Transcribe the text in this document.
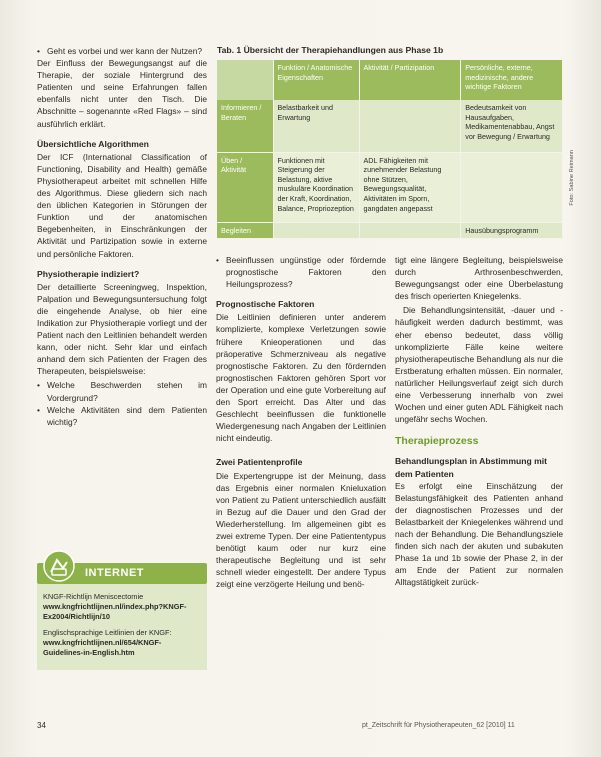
• Geht es vorbei und wer kann der Nutzen?

Der Einfluss der Bewegungsangst auf die Therapie, der soziale Hintergrund des Patienten und seine Erfahrungen fallen ebenfalls nicht unter den Tisch. Die Abschnitte – sogenannte «Red Flags» – sind ausführlich erklärt.

Übersichtliche Algorithmen

Der ICF (International Classification of Functioning, Disability and Health) gemäße Physiotherapeut arbeitet mit schnellen Hilfe des Algorithmus. Diese gliedern sich nach den üblichen Kategorien in Störungen der Funktion und der anatomischen Begebenheiten, in Einschränkungen der Aktivität und Partizipation sowie in externe und persönliche Faktoren.

Physiotherapie indiziert?

Der detaillierte Screeningweg, Inspektion, Palpation und Bewegungsuntersuchung folgt die eingehende Analyse, ob hier eine Indikation zur Physiotherapie vorliegt und der Patient nach den Leitlinien behandelt werden kann, oder nicht. Sehr klar und einfach anhand dem sich Patienten der Fragen des Therapeuten, beispielsweise:

• Welche Beschwerden stehen im Vordergrund?
• Welche Aktivitäten sind dem Patienten wichtig?
Tab. 1 Übersicht der Therapiehandlungen aus Phase 1b
	Funktion / Anatomische Eigenschaften	Aktivität / Partizipation	Persönliche, externe, medizinische, andere wichtige Faktoren
Informieren / Beraten	Belastbarkeit und Erwartung		Bedeutsamkeit von Hausaufgaben, Medikamentenabbau, Angst vor Bewegung / Erwartung
Üben / Aktivität	Funktionen mit Steigerung der Belastung, aktive muskuläre Koordination der Kraft, Koordination, Balance, Propriozeption	ADL Fähigkeiten mit zunehmender Belastung ohne Stützen, Bewegungsqualität, Aktivitäten im Sporn, gangdaten angepasst	
Begleiten			Hausübungsprogramm
Foto: Sabine Reimann
• Beeinflussen ungünstige oder fördernde prognostische Faktoren den Heilungsprozess?
Prognostische Faktoren

Die Leitlinien definieren unter anderem komplizierte, komplexe Verletzungen sowie frühere Knieoperationen und das präoperative Schmerzniveau als negative prognostische Faktoren. Zu den fördernden prognostischen Faktoren gehören Sport vor der Operation und eine gute Vorbereitung auf den Sport erreicht. Das Alter und das Geschlecht beeinflussen die funktionelle Wiedergenesung nach Angaben der Leitlinien nicht eindeutig.

Zwei Patientenprofile

Die Expertengruppe ist der Meinung, dass das Ergebnis einer normalen Knieluxation von Patient zu Patient unterschiedlich ausfällt in Bezug auf die Dauer und den Grad der Wiederherstellung. Im allgemeinen gibt es zwei extreme Typen. Der eine Patiententypus benötigt kaum oder nur kurz eine therapeutische Begleitung und ist sehr schnell wieder eingestellt. Der andere Typus zeigt eine verzögerte Heilung und benö-

tigt eine längere Begleitung, beispielsweise durch Arthrosenbeschwerden, Bewegungsangst oder eine Überbelastung des frisch operierten Kniegelenks.

Die Behandlungsintensität, -dauer und -häufigkeit werden dadurch bestimmt, was eher ebenso bedeutet, dass völlig unkomplizierte Fälle keine weitere physiotherapeutische Behandlung als nur die Erstberatung erhalten müssen. Ein normaler, natürlicher Heilungsverlauf zeigt sich durch eine Verbesserung innerhalb von zwei Wochen und einer guten ADL Fähigkeit nach ungefähr sechs Wochen.

Therapieprozess
Behandlungsplan in Abstimmung mit dem Patienten

Es erfolgt eine Einschätzung der Belastungsfähigkeit des Patienten anhand der diagnostischen Prozesses und der Belastbarkeit der Kniegelenkes während und nach der Behandlung. Die Behandlungsziele finden sich nach der akuten und subakuten Phase 1a und 1b sowie der Phase 2, in der am Ende der Patient zur normalen Alltagstätigkeit zurück-

INTERNET
KNGF-Richtlijn Meniscectomie
www.kngfrichtlijnen.nl/index.php?KNGF-Ex2004/Richtlijn/10
Englischsprachige Leitlinien der KNGF:
www.kngfrichtlijnen.nl/654/KNGF-Guidelines-in-English.htm
34	pt_Zeitschrift für Physiotherapeuten_62 [2010] 11
